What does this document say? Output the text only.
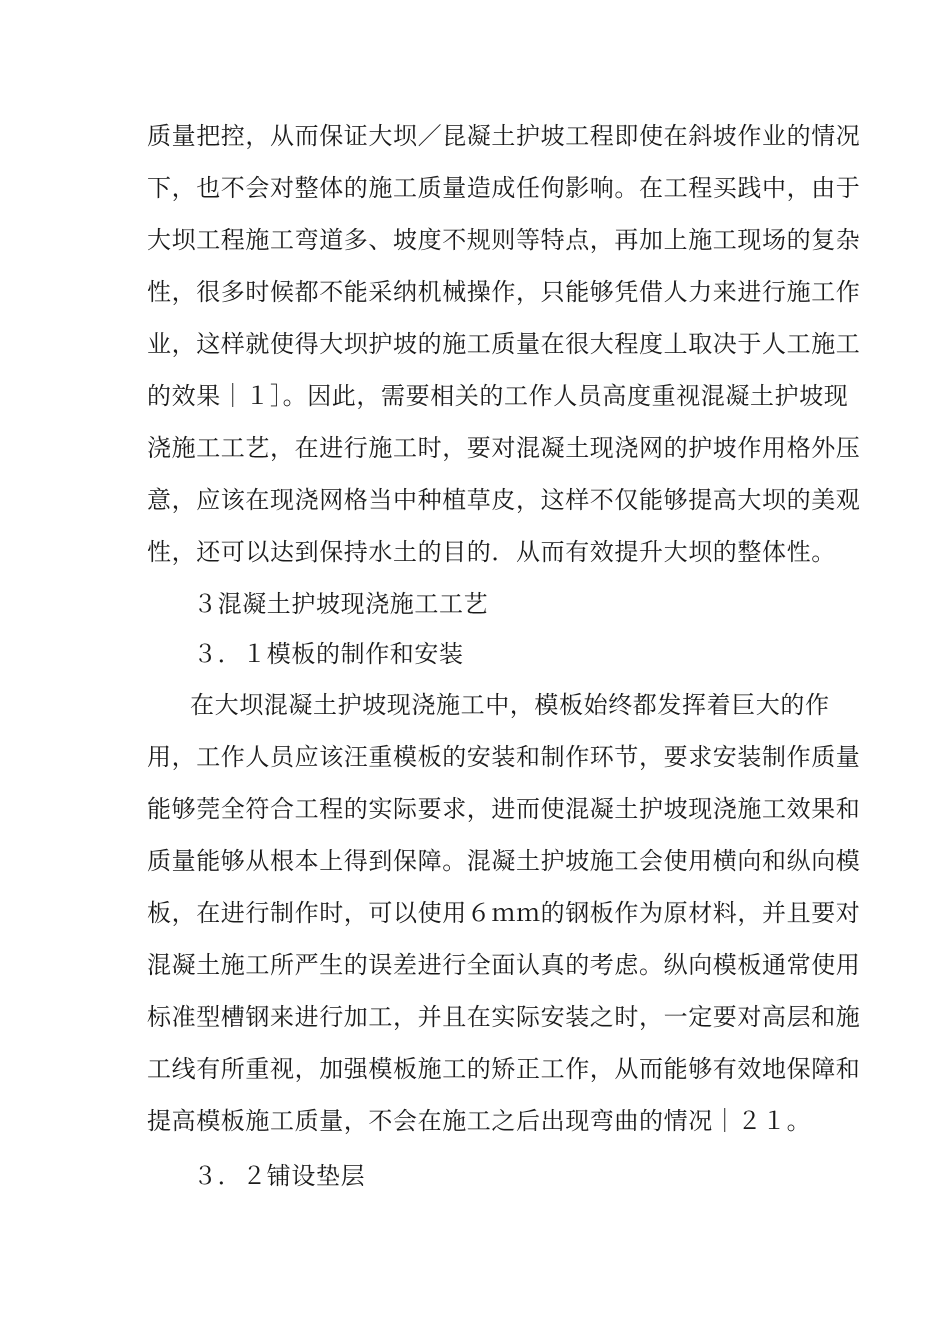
质量把控，从而保证大坝／昆凝土护坡工程即使在斜坡作业的情况
下，也不会对整体的施工质量造成任佝影响。在工程买践中，由于
大坝工程施工弯道多、坡度不规则等特点，再加上施工现场的复杂
性，很多时候都不能采纳机械操作，只能够凭借人力来进行施工作
业，这样就使得大坝护坡的施工质量在很大程度丄取决于人工施工
的效果｜１］。因此，需要相关的工作人员高度重视混凝土护坡现
浇施工工艺，在进行施工时，要对混凝土现浇网的护坡作用格外压
意，应该在现浇网格当中种植草皮，这样不仅能够提高大坝的美观
性，还可以达到保持水土的目的．从而有效提升大坝的整体性。
３混凝土护坡现浇施工工艺
３．１模板的制作和安装
在大坝混凝土护坡现浇施工中，模板始终都发挥着巨大的作
用，工作人员应该汪重模板的安装和制作环节，要求安装制作质量
能够莞全符合工程的实际要求，进而使混凝土护坡现浇施工效果和
质量能够从根本上得到保障。混凝土护坡施工会使用横向和纵向模
板，在进行制作时，可以使用６ｍｍ的钢板作为原材料，并且要对
混凝土施工所严生的误差进行全面认真的考虑。纵向模板通常使用
标准型槽钢来进行加工，并且在实际安装之时，一定要对高层和施
工线有所重视，加强模板施工的矫正工作，从而能够有效地保障和
提高模板施工质量，不会在施工之后出现弯曲的情况｜２１。
３．２铺设垫层
